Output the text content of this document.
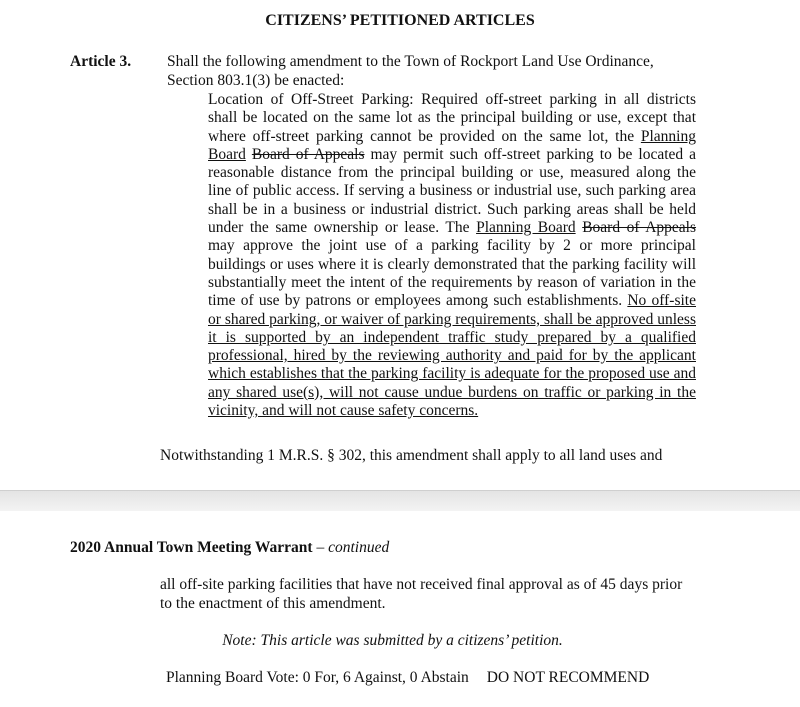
CITIZENS’ PETITIONED ARTICLES
Article 3. Shall the following amendment to the Town of Rockport Land Use Ordinance,
Section 803.1(3) be enacted:
Location of Off-Street Parking: Required off-street parking in all districts shall be located on the same lot as the principal building or use, except that where off-street parking cannot be provided on the same lot, the Planning Board Board of Appeals may permit such off-street parking to be located a reasonable distance from the principal building or use, measured along the line of public access. If serving a business or industrial use, such parking area shall be in a business or industrial district. Such parking areas shall be held under the same ownership or lease. The Planning Board Board of Appeals may approve the joint use of a parking facility by 2 or more principal buildings or uses where it is clearly demonstrated that the parking facility will substantially meet the intent of the requirements by reason of variation in the time of use by patrons or employees among such establishments. No off-site or shared parking, or waiver of parking requirements, shall be approved unless it is supported by an independent traffic study prepared by a qualified professional, hired by the reviewing authority and paid for by the applicant which establishes that the parking facility is adequate for the proposed use and any shared use(s), will not cause undue burdens on traffic or parking in the vicinity, and will not cause safety concerns.
Notwithstanding 1 M.R.S. § 302, this amendment shall apply to all land uses and
2020 Annual Town Meeting Warrant – continued
all off-site parking facilities that have not received final approval as of 45 days prior
to the enactment of this amendment.
Note: This article was submitted by a citizens’ petition.
Planning Board Vote: 0 For, 6 Against, 0 Abstain DO NOT RECOMMEND
